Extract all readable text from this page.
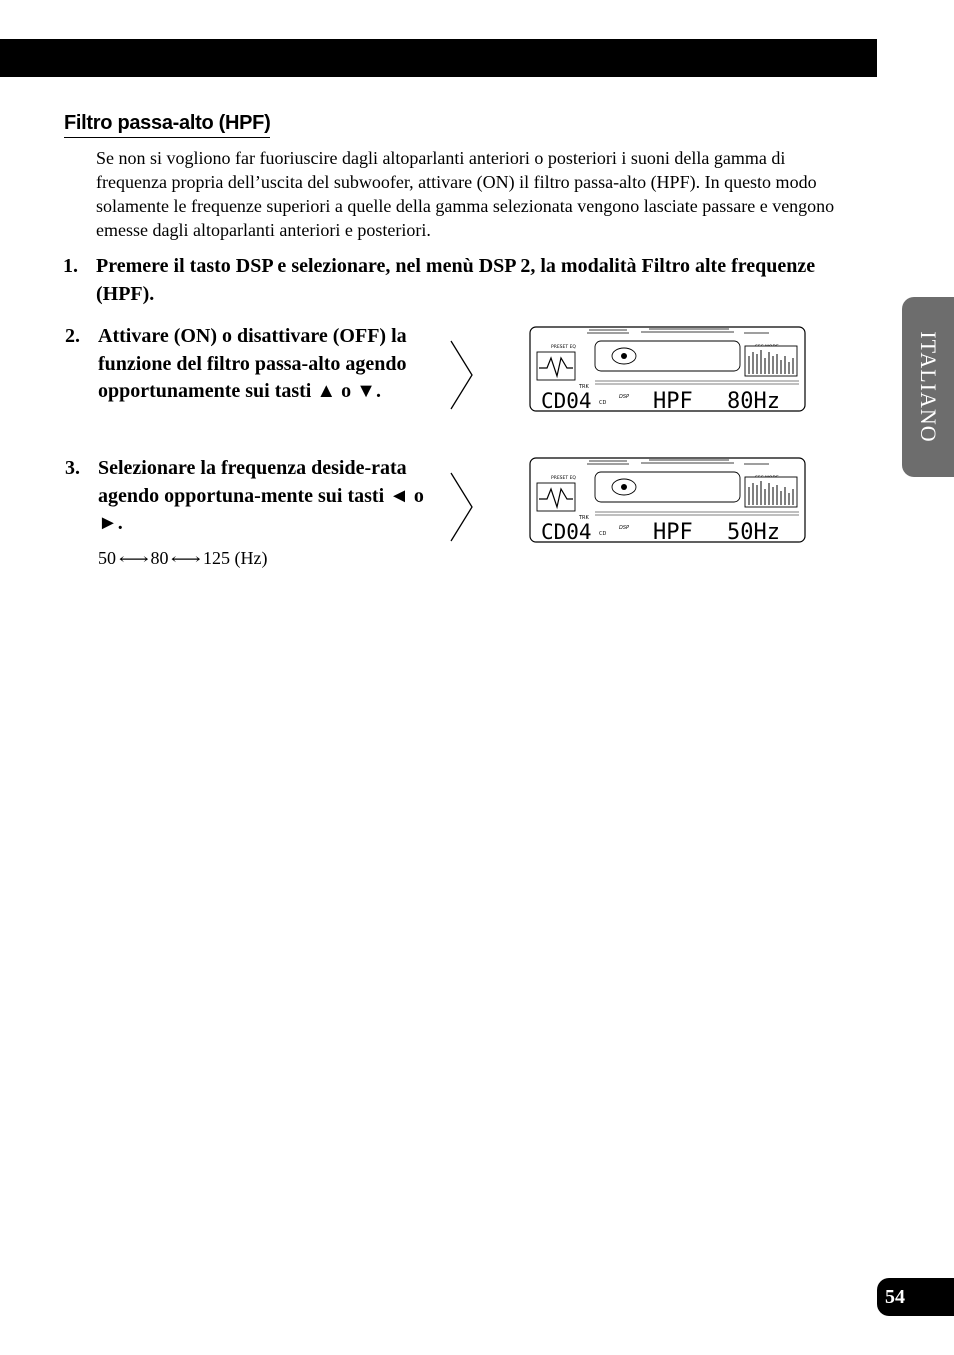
Filtro passa-alto (HPF)

Se non si vogliono far fuoriuscire dagli altoparlanti anteriori o posteriori i suoni della gamma di frequenza propria dell’uscita del subwoofer, attivare (ON) il filtro passa-alto (HPF). In questo modo solamente le frequenze superiori a quelle della gamma selezionata vengono lasciate passare e vengono emesse dagli altoparlanti anteriori e posteriori.

1. Premere il tasto DSP e selezionare, nel menù DSP 2, la modalità Filtro alte frequenze (HPF).
2. Attivare (ON) o disattivare (OFF) la funzione del filtro passa-alto agendo opportunamente sui tasti ▲ o ▼.
3. Selezionare la frequenza deside-rata agendo opportuna-mente sui tasti ◄ o ►.
50 ⟷ 80 ⟷ 125 (Hz)
PRESET EQ
TRK
CD04 CD
DSP HPF 80Hz
PRESET EQ
TRK
CD04 CD
DSP HPF 50Hz
ITALIANO
54
